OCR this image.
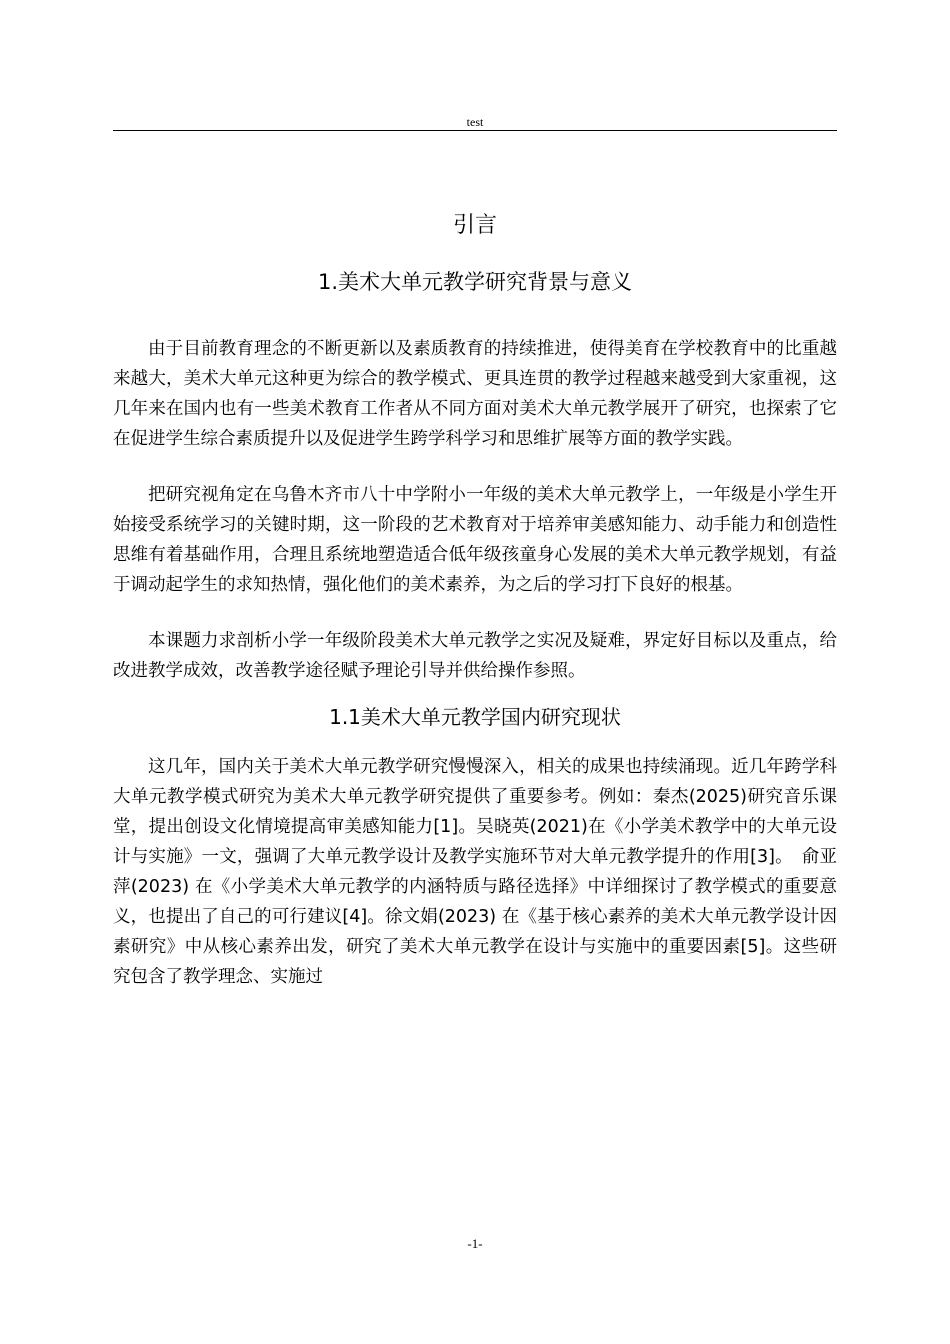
test
引言
1.美术大单元教学研究背景与意义

由于目前教育理念的不断更新以及素质教育的持续推进，使得美育在学校教育中的比重越来越大，美术大单元这种更为综合的教学模式、更具连贯的教学过程越来越受到大家重视，这几年来在国内也有一些美术教育工作者从不同方面对美术大单元教学展开了研究，也探索了它在促进学生综合素质提升以及促进学生跨学科学习和思维扩展等方面的教学实践。

把研究视角定在乌鲁木齐市八十中学附小一年级的美术大单元教学上，一年级是小学生开始接受系统学习的关键时期，这一阶段的艺术教育对于培养审美感知能力、动手能力和创造性思维有着基础作用，合理且系统地塑造适合低年级孩童身心发展的美术大单元教学规划，有益于调动起学生的求知热情，强化他们的美术素养，为之后的学习打下良好的根基。

本课题力求剖析小学一年级阶段美术大单元教学之实况及疑难，界定好目标以及重点，给改进教学成效，改善教学途径赋予理论引导并供给操作参照。

1.1美术大单元教学国内研究现状

这几年，国内关于美术大单元教学研究慢慢深入，相关的成果也持续涌现。近几年跨学科大单元教学模式研究为美术大单元教学研究提供了重要参考。例如：秦杰(2025)研究音乐课堂，提出创设文化情境提高审美感知能力[1]。吴晓英(2021)在《小学美术教学中的大单元设计与实施》一文，强调了大单元教学设计及教学实施环节对大单元教学提升的作用[3]。　俞亚萍(2023) 在《小学美术大单元教学的内涵特质与路径选择》中详细探讨了教学模式的重要意义，也提出了自己的可行建议[4]。徐文娟(2023) 在《基于核心素养的美术大单元教学设计因素研究》中从核心素养出发，研究了美术大单元教学在设计与实施中的重要因素[5]。这些研究包含了教学理念、实施过

-1-
